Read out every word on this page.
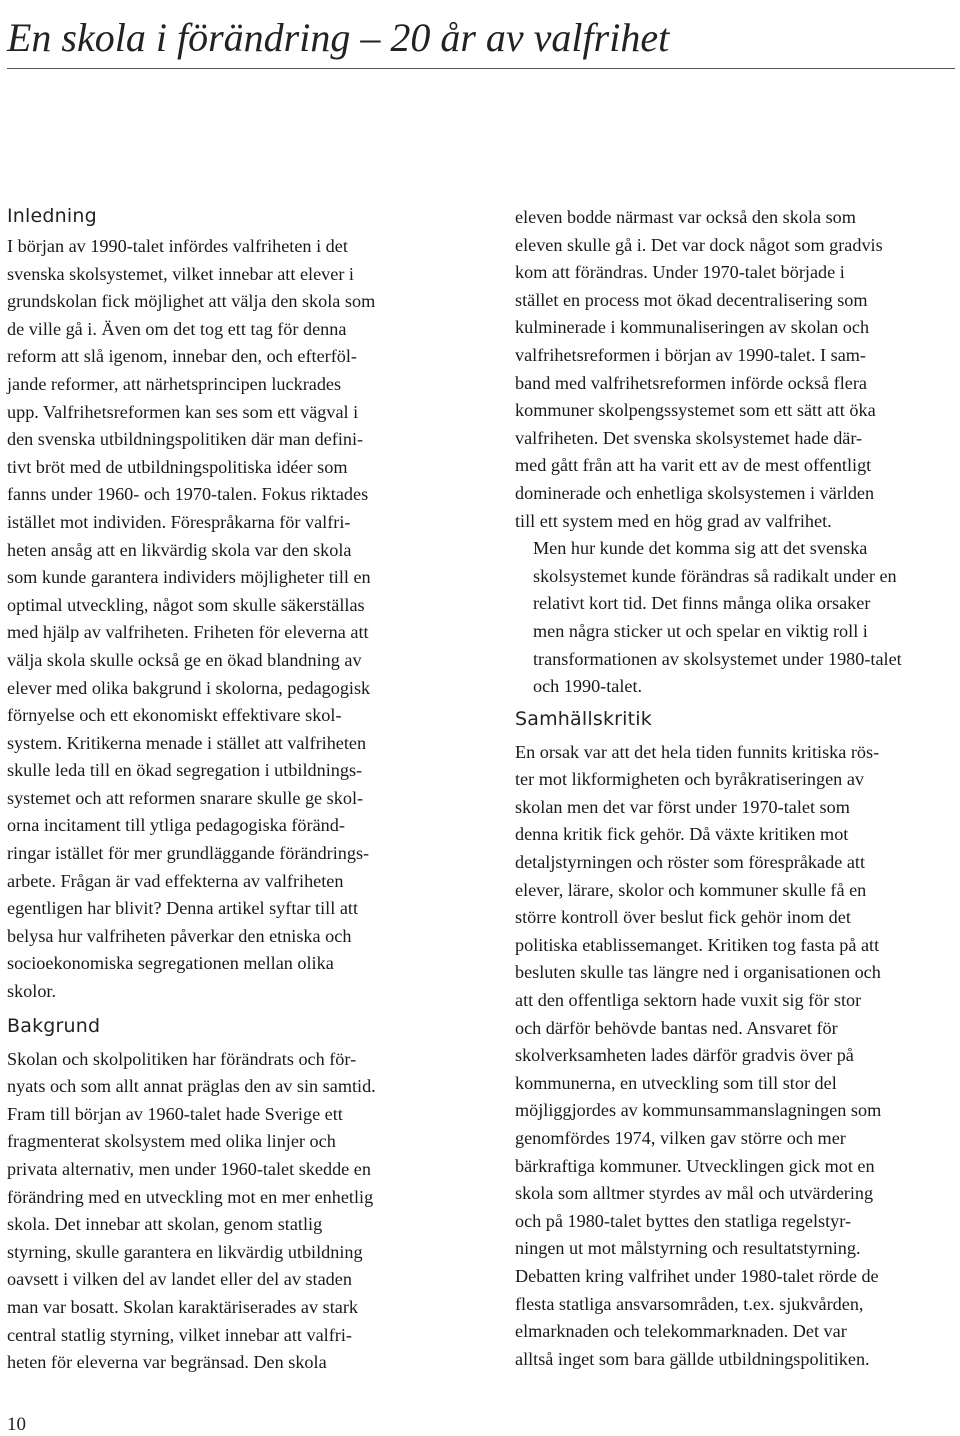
En skola i förändring – 20 år av valfrihet
Inledning

I början av 1990-talet infördes valfriheten i det
svenska skolsystemet, vilket innebar att elever i
grundskolan fick möjlighet att välja den skola som
de ville gå i. Även om det tog ett tag för denna
reform att slå igenom, innebar den, och efterföl-
jande reformer, att närhetsprincipen luckrades
upp. Valfrihetsreformen kan ses som ett vägval i
den svenska utbildningspolitiken där man defini-
tivt bröt med de utbildningspolitiska idéer som
fanns under 1960- och 1970-talen. Fokus riktades
istället mot individen. Förespråkarna för valfri-
heten ansåg att en likvärdig skola var den skola
som kunde garantera individers möjligheter till en
optimal utveckling, något som skulle säkerställas
med hjälp av valfriheten. Friheten för eleverna att
välja skola skulle också ge en ökad blandning av
elever med olika bakgrund i skolorna, pedagogisk
förnyelse och ett ekonomiskt effektivare skol-
system. Kritikerna menade i stället att valfriheten
skulle leda till en ökad segregation i utbildnings-
systemet och att reformen snarare skulle ge skol-
orna incitament till ytliga pedagogiska föränd-
ringar istället för mer grundläggande förändrings-
arbete. Frågan är vad effekterna av valfriheten
egentligen har blivit? Denna artikel syftar till att
belysa hur valfriheten påverkar den etniska och
socioekonomiska segregationen mellan olika
skolor.

Bakgrund

Skolan och skolpolitiken har förändrats och för-
nyats och som allt annat präglas den av sin samtid.
Fram till början av 1960-talet hade Sverige ett
fragmenterat skolsystem med olika linjer och
privata alternativ, men under 1960-talet skedde en
förändring med en utveckling mot en mer enhetlig
skola. Det innebar att skolan, genom statlig
styrning, skulle garantera en likvärdig utbildning
oavsett i vilken del av landet eller del av staden
man var bosatt. Skolan karaktäriserades av stark
central statlig styrning, vilket innebar att valfri-
heten för eleverna var begränsad. Den skola

eleven bodde närmast var också den skola som
eleven skulle gå i. Det var dock något som gradvis
kom att förändras. Under 1970-talet började i
stället en process mot ökad decentralisering som
kulminerade i kommunaliseringen av skolan och
valfrihetsreformen i början av 1990-talet. I sam-
band med valfrihetsreformen införde också flera
kommuner skolpengssystemet som ett sätt att öka
valfriheten. Det svenska skolsystemet hade där-
med gått från att ha varit ett av de mest offentligt
dominerade och enhetliga skolsystemen i världen
till ett system med en hög grad av valfrihet.

Men hur kunde det komma sig att det svenska
skolsystemet kunde förändras så radikalt under en
relativt kort tid. Det finns många olika orsaker
men några sticker ut och spelar en viktig roll i
transformationen av skolsystemet under 1980-talet
och 1990-talet.

Samhällskritik

En orsak var att det hela tiden funnits kritiska rös-
ter mot likformigheten och byråkratiseringen av
skolan men det var först under 1970-talet som
denna kritik fick gehör. Då växte kritiken mot
detaljstyrningen och röster som förespråkade att
elever, lärare, skolor och kommuner skulle få en
större kontroll över beslut fick gehör inom det
politiska etablissemanget. Kritiken tog fasta på att
besluten skulle tas längre ned i organisationen och
att den offentliga sektorn hade vuxit sig för stor
och därför behövde bantas ned. Ansvaret för
skolverksamheten lades därför gradvis över på
kommunerna, en utveckling som till stor del
möjliggjordes av kommunsammanslagningen som
genomfördes 1974, vilken gav större och mer
bärkraftiga kommuner. Utvecklingen gick mot en
skola som alltmer styrdes av mål och utvärdering
och på 1980-talet byttes den statliga regelstyr-
ningen ut mot målstyrning och resultatstyrning.
Debatten kring valfrihet under 1980-talet rörde de
flesta statliga ansvarsområden, t.ex. sjukvården,
elmarknaden och telekommarknaden. Det var
alltså inget som bara gällde utbildningspolitiken.

10
